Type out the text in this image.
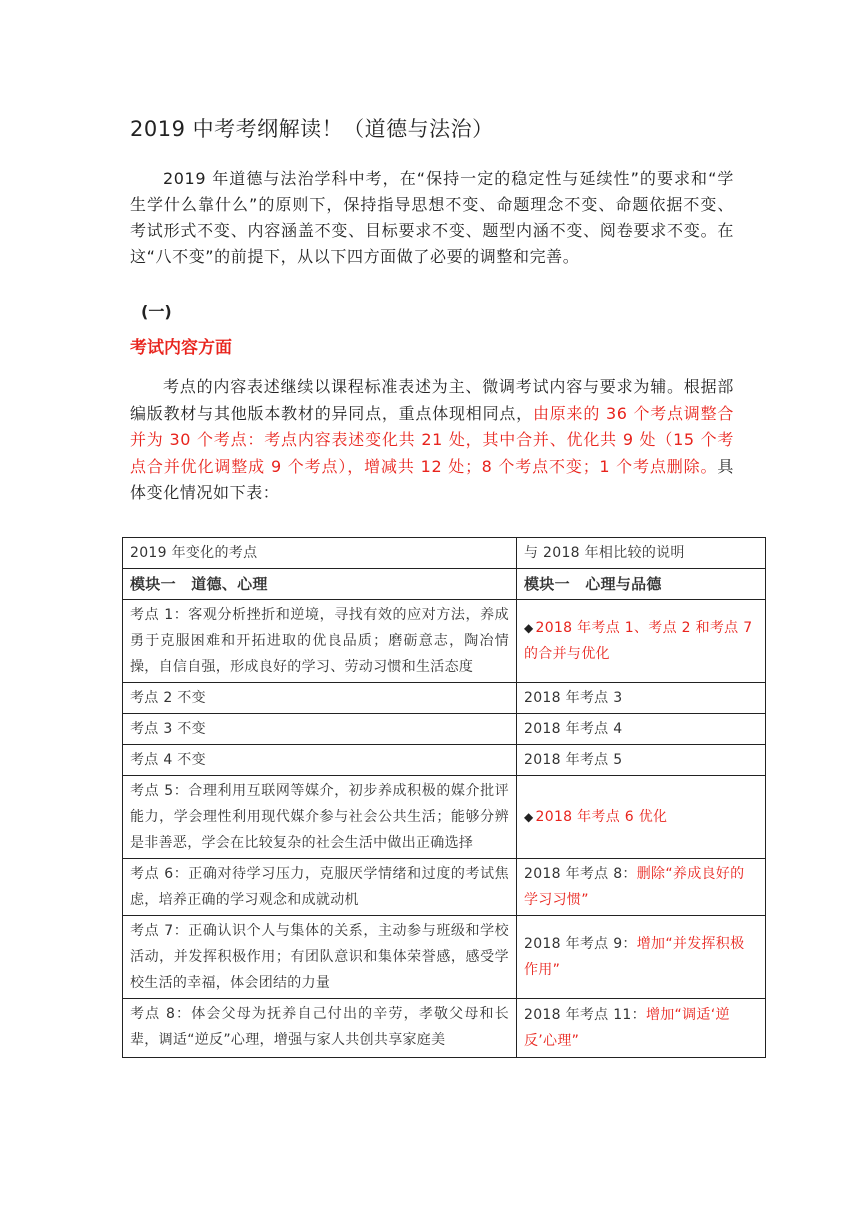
2019 中考考纲解读！（道德与法治）

2019 年道德与法治学科中考，在“保持一定的稳定性与延续性”的要求和“学生学什么靠什么”的原则下，保持指导思想不变、命题理念不变、命题依据不变、考试形式不变、内容涵盖不变、目标要求不变、题型内涵不变、阅卷要求不变。在这“八不变”的前提下，从以下四方面做了必要的调整和完善。

(一)
考试内容方面

考点的内容表述继续以课程标准表述为主、微调考试内容与要求为辅。根据部编版教材与其他版本教材的异同点，重点体现相同点，由原来的 36 个考点调整合并为 30 个考点：考点内容表述变化共 21 处，其中合并、优化共 9 处（15 个考点合并优化调整成 9 个考点），增减共 12 处；8 个考点不变；1 个考点删除。具体变化情况如下表：

2019 年变化的考点	与 2018 年相比较的说明
模块一　道德、心理	模块一　心理与品德
考点 1：客观分析挫折和逆境，寻找有效的应对方法，养成勇于克服困难和开拓进取的优良品质；磨砺意志，陶冶情操，自信自强，形成良好的学习、劳动习惯和生活态度	◆ 2018 年考点 1、考点 2 和考点 7 的合并与优化
考点 2 不变	2018 年考点 3
考点 3 不变	2018 年考点 4
考点 4 不变	2018 年考点 5
考点 5：合理利用互联网等媒介，初步养成积极的媒介批评能力，学会理性利用现代媒介参与社会公共生活；能够分辨是非善恶，学会在比较复杂的社会生活中做出正确选择	◆ 2018 年考点 6 优化
考点 6：正确对待学习压力，克服厌学情绪和过度的考试焦虑，培养正确的学习观念和成就动机	2018 年考点 8：删除“养成良好的学习习惯”
考点 7：正确认识个人与集体的关系，主动参与班级和学校活动，并发挥积极作用；有团队意识和集体荣誉感，感受学校生活的幸福，体会团结的力量	2018 年考点 9：增加“并发挥积极作用”

考点 8：体会父母为抚养自己付出的辛劳，孝敬父母和长辈，调适“逆反”心理，增强与家人共创共享家庭美	2018 年考点 11：增加“调适‘逆反’心理”
